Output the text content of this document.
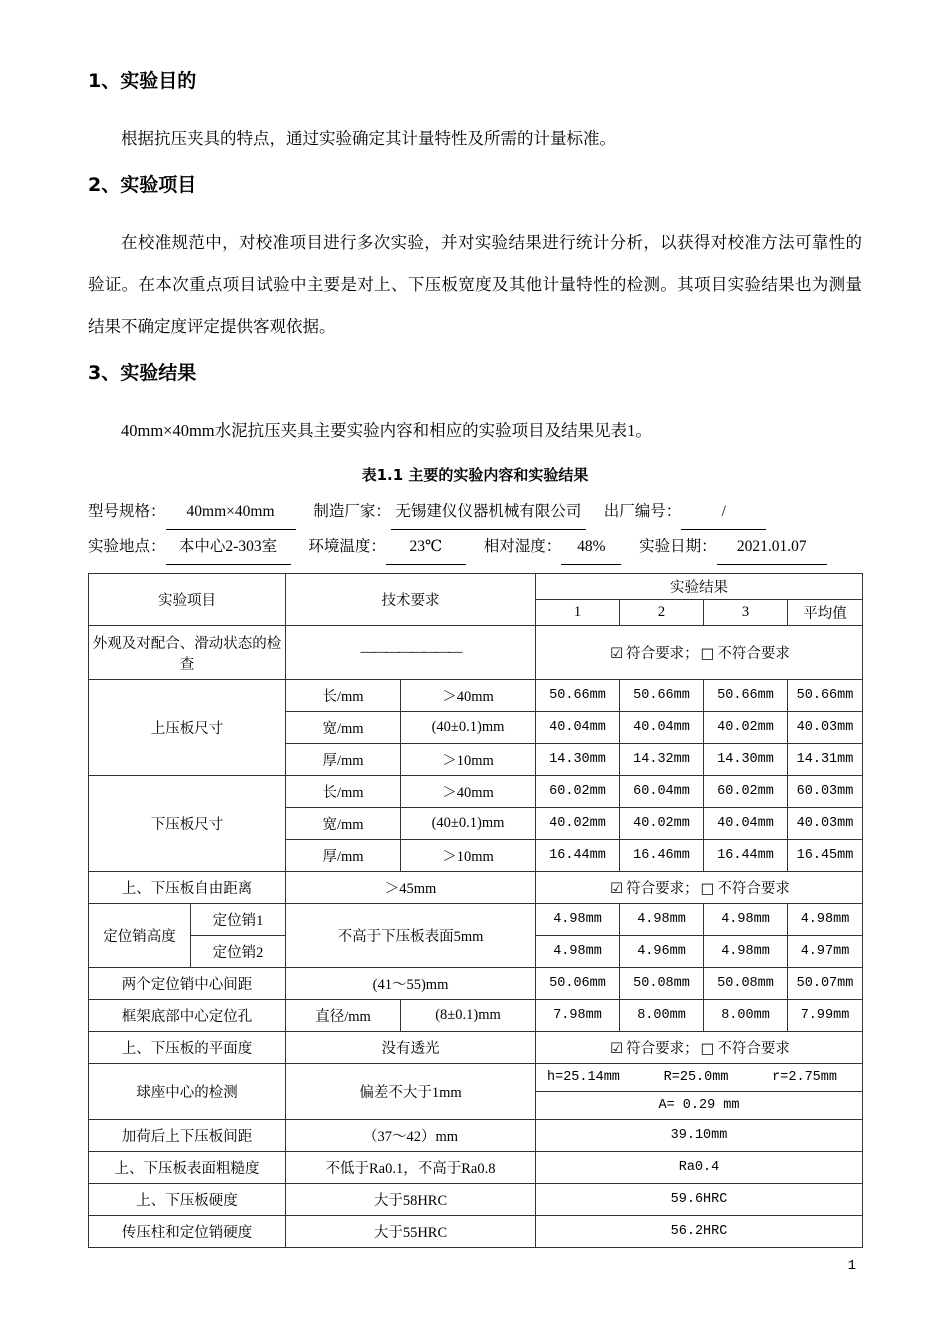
1、实验目的

根据抗压夹具的特点，通过实验确定其计量特性及所需的计量标准。

2、实验项目

在校准规范中，对校准项目进行多次实验，并对实验结果进行统计分析，以获得对校准方法可靠性的验证。在本次重点项目试验中主要是对上、下压板宽度及其他计量特性的检测。其项目实验结果也为测量结果不确定度评定提供客观依据。

3、实验结果

40mm×40mm水泥抗压夹具主要实验内容和相应的实验项目及结果见表1。

表1.1 主要的实验内容和实验结果
型号规格： 40mm×40mm	制造厂家： 无锡建仪仪器机械有限公司 出厂编号：	/
实验地点： 本中心2-303室 环境温度： 23℃	相对湿度： 48% 实验日期： 2021.01.07
实验项目		技术要求		实验结果			
				1	2	3	平均值
外观及对配合、滑动状态的检查		————————		☑ 符合要求； □ 不符合要求			
上压板尺寸		长/mm	＞40mm	50.66mm	50.66mm	50.66mm	50.66mm
		宽/mm	(40±0.1)mm	40.04mm	40.04mm	40.02mm	40.03mm
		厚/mm	＞10mm	14.30mm	14.32mm	14.30mm	14.31mm
下压板尺寸		长/mm	＞40mm	60.02mm	60.04mm	60.02mm	60.03mm
		宽/mm	(40±0.1)mm	40.02mm	40.02mm	40.04mm	40.03mm
		厚/mm	＞10mm	16.44mm	16.46mm	16.44mm	16.45mm
上、下压板自由距离		＞45mm		☑ 符合要求； □ 不符合要求			
定位销高度	定位销1	不高于下压板表面5mm		4.98mm	4.98mm	4.98mm	4.98mm
	定位销2			4.98mm	4.96mm	4.98mm	4.97mm
两个定位销中心间距		(41～55)mm		50.06mm	50.08mm	50.08mm	50.07mm
框架底部中心定位孔		直径/mm	(8±0.1)mm	7.98mm	8.00mm	8.00mm	7.99mm
上、下压板的平面度		没有透光		☑ 符合要求； □ 不符合要求			
球座中心的检测		偏差不大于1mm		h=25.14mm R=25.0mm r=2.75mm			

				A= 0.29 mm			
加荷后上下压板间距		（37～42）mm		39.10mm			
上、下压板表面粗糙度		不低于Ra0.1，不高于Ra0.8		Ra0.4			
上、下压板硬度		大于58HRC		59.6HRC			
传压柱和定位销硬度		大于55HRC		56.2HRC			
1
